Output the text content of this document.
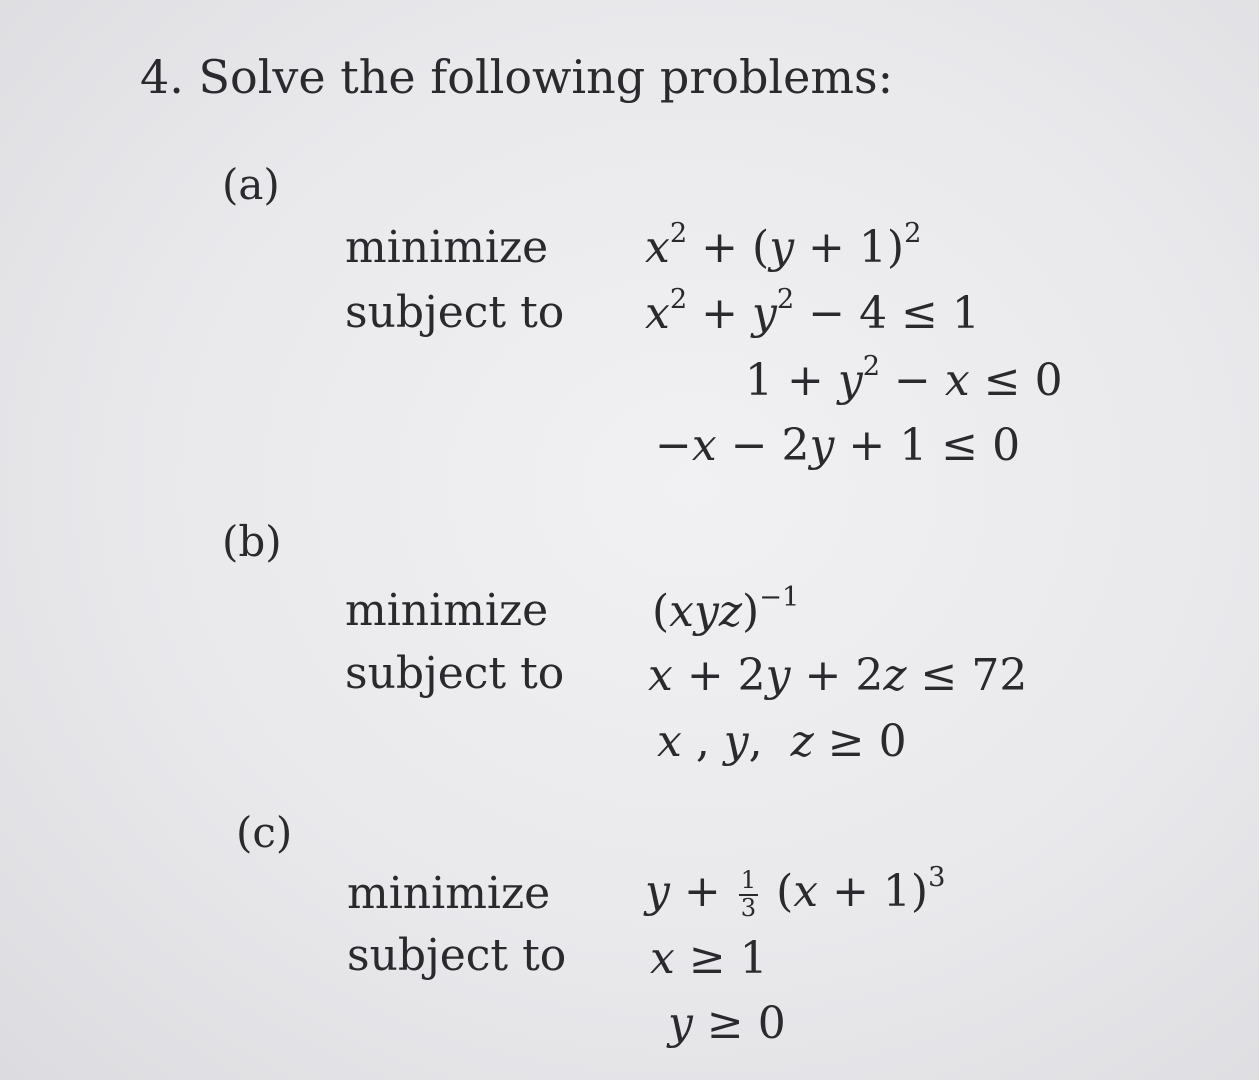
4. Solve the following problems:
(a)
minimize
subject to
$x^2 + (y + 1)^2$
$x^2 + y^2 - 4 \le 1$
$1 + y^2 - x \le 0$
−x − 2y + 1 ≤ 0
(b)
minimize
subject to
(xyz)$^{-1}$
x + 2y + 2z ≤ 72
x , y,  z ≥ 0
(c)
minimize
subject to
$y + \frac{1}{3} (x + 1)^3$
x ≥ 1
y ≥ 0
